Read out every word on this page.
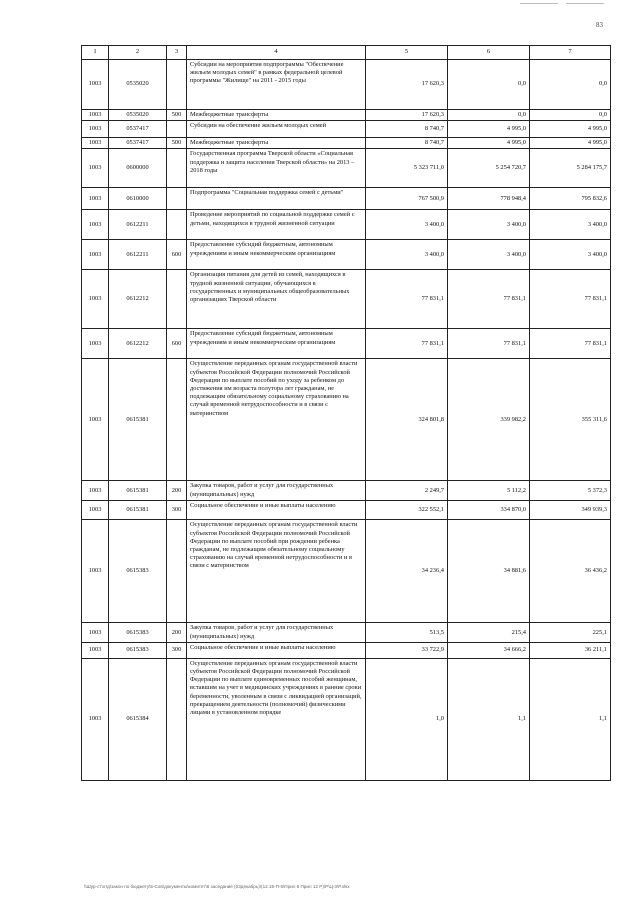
83
1	2	3	4	5	6	7
1003	0535020		Субсидии на мероприятия подпрограммы "Обеспечение жильем молодых семей" в рамках федеральной целевой программы "Жилище" на 2011 - 2015 годы	17 620,3	0,0	0,0
1003	0535020	500	Межбюджетные трансферты	17 620,3	0,0	0,0
1003	0537417		Субсидии на обеспечение жильем молодых семей	8 740,7	4 995,0	4 995,0
1003	0537417	500	Межбюджетные трансферты	8 740,7	4 995,0	4 995,0
1003	0600000		Государственная программа Тверской области «Социальная поддержка и защита населения Тверской области» на 2013 – 2018 годы	5 323 711,0	5 254 720,7	5 284 175,7
1003	0610000		Подпрограмма "Социальная поддержка семей с детьми"	767 500,9	778 948,4	795 832,6
1003	0612211		Проведение мероприятий по социальной поддержке семей с детьми, находящихся в трудной жизненной ситуации	3 400,0	3 400,0	3 400,0
1003	0612211	600	Предоставление субсидий бюджетным, автономным учреждениям и иным некоммерческим организациям	3 400,0	3 400,0	3 400,0
1003	0612212		Организация питания для детей из семей, находящихся в трудной жизненной ситуации, обучающихся в государственных и муниципальных общеобразовательных организациях Тверской области	77 831,1	77 831,1	77 831,1
1003	0612212	600	Предоставление субсидий бюджетным, автономным учреждениям и иным некоммерческим организациям	77 831,1	77 831,1	77 831,1
1003	0615381		Осуществление переданных органам государственной власти субъектов Российской Федерации полномочий Российской Федерации по выплате пособий по уходу за ребенком до достижения им возраста полутора лет гражданам, не подлежащим обязательному социальному страхованию на случай временной нетрудоспособности и в связи с материнством	324 801,8	339 982,2	355 311,6
1003	0615381	200	Закупка товаров, работ и услуг для государственных (муниципальных) нужд	2 249,7	5 112,2	5 372,3
1003	0615381	300	Социальное обеспечение и иные выплаты населению	322 552,1	334 870,0	349 939,3
1003	0615383		Осуществление переданных органам государственной власти субъектов Российской Федерации полномочий Российской Федерации по выплате пособий при рождении ребенка гражданам, не подлежащим обязательному социальному страхованию на случай временной нетрудоспособности и в связи с материнством	34 236,4	34 881,6	36 436,2
1003	0615383	200	Закупка товаров, работ и услуг для государственных (муниципальных) нужд	513,5	215,4	225,1
1003	0615383	300	Социальное обеспечение и иные выплаты населению	33 722,9	34 666,2	36 211,1
1003	0615384		Осуществление переданных органам государственной власти субъектов Российской Федерации полномочий Российской Федерации по выплате единовременных пособий женщинам, вставшим на учет в медицинских учреждениях в ранние сроки беременности, уволенным в связи с ликвидацией организаций, прекращением деятельности (полномочий) физическими лицами в установленном порядке	1,0	1,1	1,1
\\Шур-ст\отд\закон по бюджету\5-Сов\документы\комитет\6 заседание (03декабрь)\(12.15-П-5\Прил 8 Прил 12 Р)\Р\Ц-3\Р.xlsx
